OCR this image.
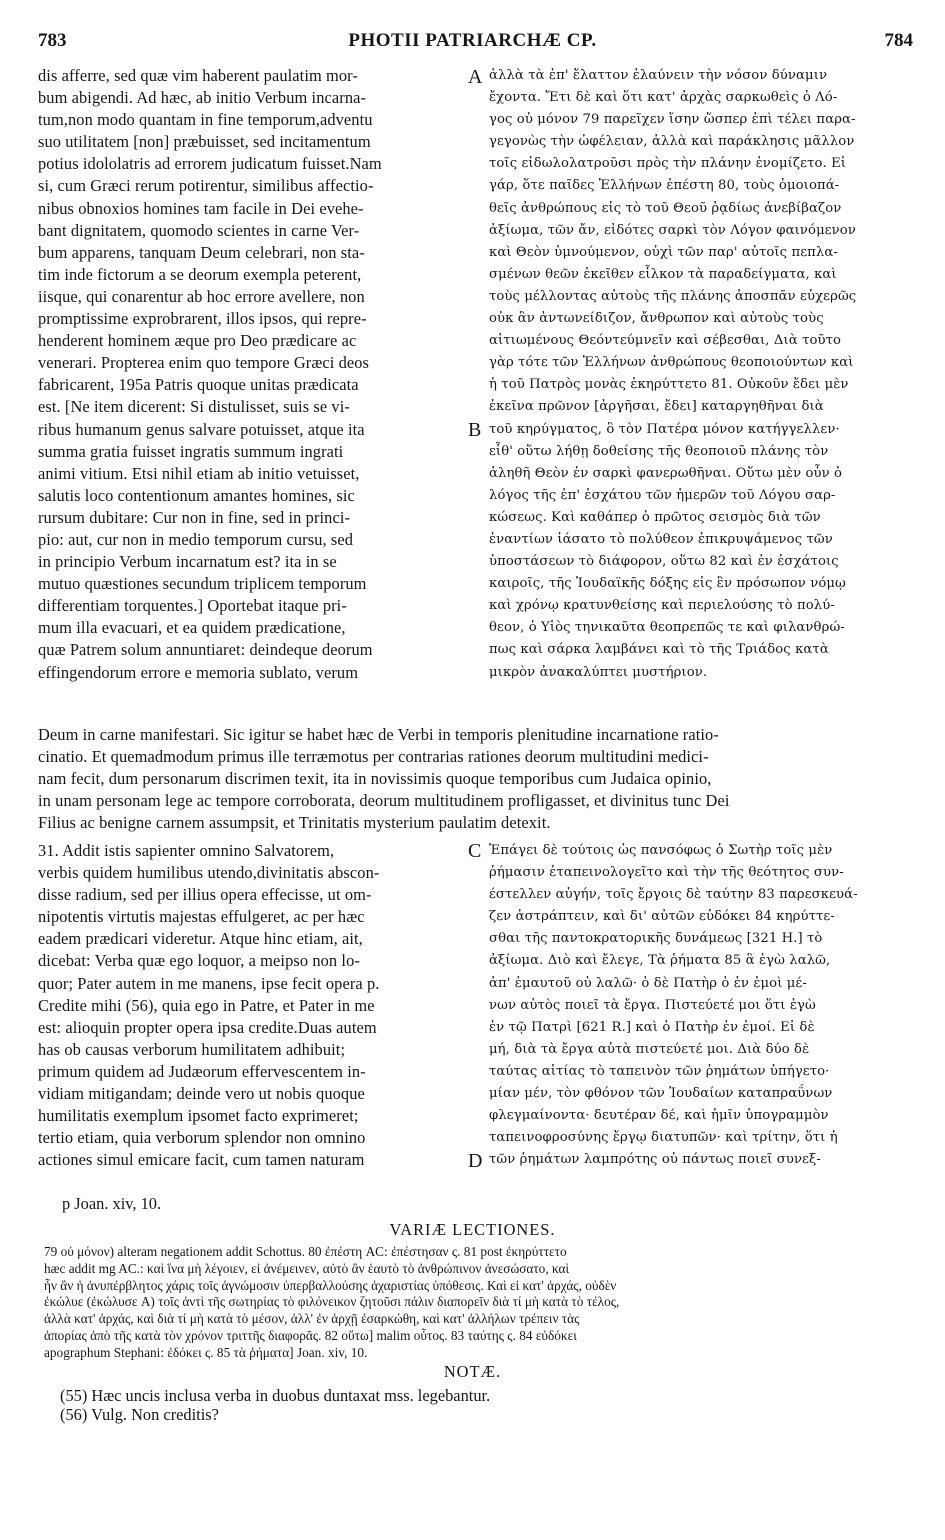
783	PHOTII PATRIARCHÆ CP.	784
dis afferre, sed quæ vim haberent paulatim mor-
bum abigendi. Ad hæc, ab initio Verbum incarna-
tum,non modo quantam in fine temporum,adventu
suo utilitatem [non] præbuisset, sed incitamentum
potius idololatris ad errorem judicatum fuisset.Nam
si, cum Græci rerum potirentur, similibus affectio-
nibus obnoxios homines tam facile in Dei evehe-
bant dignitatem, quomodo scientes in carne Ver-
bum apparens, tanquam Deum celebrari, non sta-
tim inde fictorum a se deorum exempla peterent,
iisque, qui conarentur ab hoc errore avellere, non
promptissime exprobrarent, illos ipsos, qui repre-
henderent hominem æque pro Deo prædicare ac
venerari. Propterea enim quo tempore Græci deos
fabricarent, 195a Patris quoque unitas prædicata
est. [Ne item dicerent: Si distulisset, suis se vi-
ribus humanum genus salvare potuisset, atque ita
summa gratia fuisset ingratis summum ingrati
animi vitium. Etsi nihil etiam ab initio vetuisset,
salutis loco contentionum amantes homines, sic
rursum dubitare: Cur non in fine, sed in princi-
pio: aut, cur non in medio temporum cursu, sed
in principio Verbum incarnatum est? ita in se
mutuo quæstiones secundum triplicem temporum
differentiam torquentes.] Oportebat itaque pri-
mum illa evacuari, et ea quidem prædicatione,
quæ Patrem solum annuntiaret: deindeque deorum
effingendorum errore e memoria sublato, verum
ἀλλὰ τὰ ἐπ' ἔλαττον ἐλαύνειν τὴν νόσον δύναμιν
ἔχοντα. Ἔτι δὲ καὶ ὅτι κατ' ἀρχὰς σαρκωθεὶς ὁ Λό-
γος οὐ μόνον 79 παρεῖχεν ἴσην ὥσπερ ἐπὶ τέλει παρα-
γεγονὼς τὴν ὠφέλειαν, ἀλλὰ καὶ παράκλησις μᾶλλον
τοῖς εἰδωλολατροῦσι πρὸς τὴν πλάνην ἐνομίζετο. Εἰ
γάρ, ὅτε παῖδες Ἑλλήνων ἐπέστη 80, τοὺς ὁμοιοπά-
θεῖς ἀνθρώπους εἰς τὸ τοῦ Θεοῦ ῥᾳδίως ἀνεβίβαζον
ἀξίωμα, τῶν ἄν, εἰδότες σαρκὶ τὸν Λόγον φαινόμενον
καὶ Θεὸν ὑμνούμενον, οὐχὶ τῶν παρ' αὐτοῖς πεπλα-
σμένων θεῶν ἐκεῖθεν εἷλκον τὰ παραδείγματα, καὶ
τοὺς μέλλοντας αὐτοὺς τῆς πλάνης ἀποσπᾶν εὐχερῶς
οὐκ ἂν ἀντωνείδιζον, ἄνθρωπον καὶ αὐτοὺς τοὺς
αἰτιωμένους Θεόντεύμνεῖν καὶ σέβεσθαι, Διὰ τοῦτο
γὰρ τότε τῶν Ἑλλήνων ἀνθρώπους θεοποιούντων καὶ
ἡ τοῦ Πατρὸς μονὰς ἐκηρύττετο 81. Οὐκοῦν ἔδει μὲν
ἐκεῖνα πρῶνον [ἀργῆσαι, ἔδει] καταργηθῆναι διὰ
τοῦ κηρύγματος, ὃ τὸν Πατέρα μόνον κατήγγελλεν·
εἶθ' οὕτω λήθῃ δοθείσης τῆς θεοποιοῦ πλάνης τὸν
ἀληθῆ Θεὸν ἐν σαρκὶ φανερωθῆναι. Οὕτω μὲν οὖν ὁ
λόγος τῆς ἐπ' ἐσχάτου τῶν ἡμερῶν τοῦ Λόγου σαρ-
κώσεως. Καὶ καθάπερ ὁ πρῶτος σεισμὸς διὰ τῶν
ἐναντίων ἰάσατο τὸ πολύθεον ἐπικρυψάμενος τῶν
ὑποστάσεων τὸ διάφορον, οὕτω 82 καὶ ἐν ἐσχάτοις
καιροῖς, τῆς Ἰουδαϊκῆς δόξης εἰς ἓν πρόσωπον νόμῳ
καὶ χρόνῳ κρατυνθείσης καὶ περιελούσης τὸ πολύ-
θεον, ὁ Υἱὸς τηνικαῦτα θεοπρεπῶς τε καὶ φιλανθρώ-
πως καὶ σάρκα λαμβάνει καὶ τὸ τῆς Τριάδος κατὰ
μικρὸν ἀνακαλύπτει μυστήριον.
A
B
C
D
Deum in carne manifestari. Sic igitur se habet hæc de Verbi in temporis plenitudine incarnatione ratio-
cinatio. Et quemadmodum primus ille terræmotus per contrarias rationes deorum multitudini medici-
nam fecit, dum personarum discrimen texit, ita in novissimis quoque temporibus cum Judaica opinio,
in unam personam lege ac tempore corroborata, deorum multitudinem profligasset, et divinitus tunc Dei
Filius ac benigne carnem assumpsit, et Trinitatis mysterium paulatim detexit.
31. Addit istis sapienter omnino Salvatorem,
verbis quidem humilibus utendo,divinitatis abscon-
disse radium, sed per illius opera effecisse, ut om-
nipotentis virtutis majestas effulgeret, ac per hæc
eadem prædicari videretur. Atque hinc etiam, ait,
dicebat: Verba quæ ego loquor, a meipso non lo-
quor; Pater autem in me manens, ipse fecit opera p.
Credite mihi (56), quia ego in Patre, et Pater in me
est: alioquin propter opera ipsa credite.Duas autem
has ob causas verborum humilitatem adhibuit;
primum quidem ad Judæorum effervescentem in-
vidiam mitigandam; deinde vero ut nobis quoque
humilitatis exemplum ipsomet facto exprimeret;
tertio etiam, quia verborum splendor non omnino
actiones simul emicare facit, cum tamen naturam
Ἐπάγει δὲ τούτοις ὡς πανσόφως ὁ Σωτὴρ τοῖς μὲν
ῥήμασιν ἐταπεινολογεῖτο καὶ τὴν τῆς θεότητος συν-
έστελλεν αὐγήν, τοῖς ἔργοις δὲ ταύτην 83 παρεσκευά-
ζεν ἀστράπτειν, καὶ δι' αὐτῶν εὐδόκει 84 κηρύττε-
σθαι τῆς παντοκρατορικῆς δυνάμεως [321 H.] τὸ
ἀξίωμα. Διὸ καὶ ἔλεγε, Τὰ ῥήματα 85 ἃ ἐγὼ λαλῶ,
ἀπ' ἐμαυτοῦ οὐ λαλῶ· ὁ δὲ Πατὴρ ὁ ἐν ἐμοὶ μέ-
νων αὐτὸς ποιεῖ τὰ ἔργα. Πιστεύετέ μοι ὅτι ἐγὼ
ἐν τῷ Πατρὶ [621 R.] καὶ ὁ Πατὴρ ἐν ἐμοί. Εἰ δὲ
μή, διὰ τὰ ἔργα αὐτὰ πιστεύετέ μοι. Διὰ δύο δὲ
ταύτας αἰτίας τὸ ταπεινὸν τῶν ῥημάτων ὑπήγετο·
μίαν μέν, τὸν φθόνον τῶν Ἰουδαίων καταπραΰνων
φλεγμαίνοντα· δευτέραν δέ, καὶ ἡμῖν ὑπογραμμὸν
ταπεινοφροσύνης ἔργῳ διατυπῶν· καὶ τρίτην, ὅτι ἡ
τῶν ῥημάτων λαμπρότης οὐ πάντως ποιεῖ συνεξ-
p Joan. xiv, 10.
VARIÆ LECTIONES.
79 οὐ μόνον) alteram negationem addit Schottus. 80 ἐπέστη AC: ἐπέστησαν ς. 81 post ἐκηρύττετο
hæc addit mg AC.: καὶ ἵνα μὴ λέγοιεν, εἰ ἀνέμεινεν, αὐτὸ ἂν ἑαυτὸ τὸ ἀνθρώπινον ἀνεσώσατο, καὶ
ἦν ἂν ἡ ἀνυπέρβλητος χάρις τοῖς ἀγνώμοσιν ὑπερβαλλούσης ἀχαριστίας ὑπόθεσις. Καὶ εἰ κατ' ἀρχάς, οὐδὲν
ἐκώλυε (ἐκώλυσε A) τοῖς ἀντὶ τῆς σωτηρίας τὸ φιλόνεικον ζητοῦσι πάλιν διαπορεῖν διὰ τί μὴ κατὰ τὸ τέλος,
ἀλλὰ κατ' ἀρχάς, καὶ διὰ τί μὴ κατὰ τὸ μέσον, ἀλλ' ἐν ἀρχῇ ἐσαρκώθη, καὶ κατ' ἀλλήλων τρέπειν τὰς
ἀπορίας ἀπὸ τῆς κατὰ τὸν χρόνον τριττῆς διαφορᾶς. 82 οὕτω] malim οὗτος. 83 ταύτης ς. 84 εὐδόκει
apographum Stephani: ἐδόκει ς. 85 τὰ ῥήματα] Joan. xiv, 10.
NOTÆ.
(55) Hæc uncis inclusa verba in duobus duntaxat mss. legebantur.
(56) Vulg. Non creditis?
